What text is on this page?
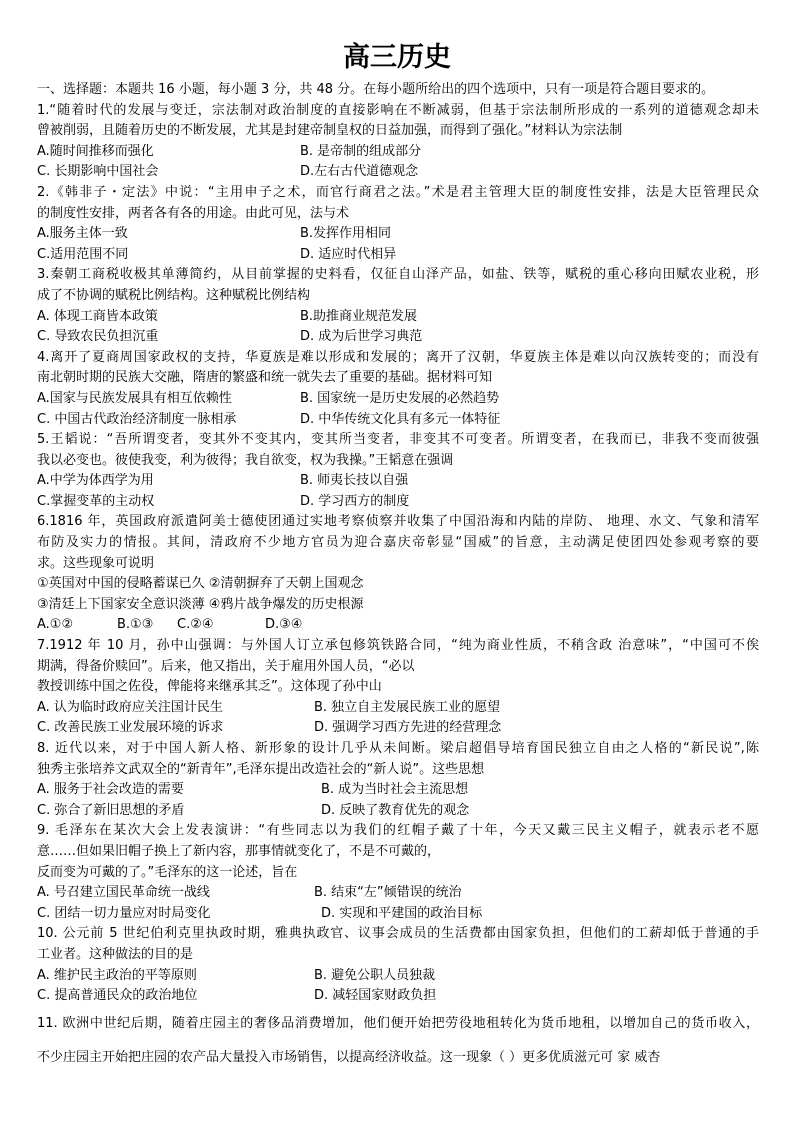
高三历史
一、选择题：本题共 16 小题，每小题 3 分，共 48 分。在每小题所给出的四个选项中，只有一项是符合题目要求的。
1.“随着时代的发展与变迁，宗法制对政治制度的直接影响在不断减弱，但基于宗法制所形成的一系列的道德观念却未
曾被削弱，且随着历史的不断发展，尤其是封建帝制皇权的日益加强，而得到了强化。”材料认为宗法制
A.随时间推移而强化	B. 是帝制的组成部分
C. 长期影响中国社会	D.左右古代道德观念
2.《韩非子・定法》中说：“主用申子之术，而官行商君之法。”术是君主管理大臣的制度性安排，法是大臣管理民众
的制度性安排，两者各有各的用途。由此可见，法与术
A.服务主体一致	B.发挥作用相同
C.适用范围不同	D. 适应时代相异
3.秦朝工商税收极其单薄简约，从目前掌握的史料看，仅征自山泽产品，如盐、铁等，赋税的重心移向田赋农业税，形
成了不协调的赋税比例结构。这种赋税比例结构
A. 体现工商皆本政策	B.助推商业规范发展
C. 导致农民负担沉重	D. 成为后世学习典范
4.离开了夏商周国家政权的支持，华夏族是难以形成和发展的；离开了汉朝，华夏族主体是难以向汉族转变的；而没有
南北朝时期的民族大交融，隋唐的繁盛和统一就失去了重要的基础。据材料可知
A.国家与民族发展具有相互依赖性	B. 国家统一是历史发展的必然趋势
C. 中国古代政治经济制度一脉相承	D. 中华传统文化具有多元一体特征
5.王韬说：“吾所谓变者，变其外不变其内，变其所当变者，非变其不可变者。所谓变者，在我而已，非我不变而彼强
我以必变也。彼使我变，利为彼得；我自欲变，权为我操。”王韬意在强调
A.中学为体西学为用	B. 师夷长技以自强
C.掌握变革的主动权	D. 学习西方的制度
6.1816 年，英国政府派遣阿美士德使团通过实地考察侦察并收集了中国沿海和内陆的岸防、 地理、水文、气象和清军
布防及实力的情报。其间，清政府不少地方官员为迎合嘉庆帝彰显“国威”的旨意，主动满足使团四处参观考察的要
求。这些现象可说明
①英国对中国的侵略蓄谋已久 ②清朝摒弃了天朝上国观念
③清廷上下国家安全意识淡薄 ④鸦片战争爆发的历史根源
A.①②	B.①③	C.②④	D.③④
7.1912 年 10 月，孙中山强调：与外国人订立承包修筑铁路合同，“纯为商业性质，不稍含政 治意味”，“中国可不俟
期满，得备价赎回”。后来，他又指出，关于雇用外国人员，“必以
教授训练中国之佐役，俾能将来继承其乏”。这体现了孙中山
A. 认为临时政府应关注国计民生	B. 独立自主发展民族工业的愿望
C. 改善民族工业发展环境的诉求	D. 强调学习西方先进的经营理念
8. 近代以来，对于中国人新人格、新形象的设计几乎从未间断。梁启超倡导培育国民独立自由之人格的“新民说”,陈
独秀主张培养文武双全的“新青年”,毛泽东提出改造社会的“新人说”。这些思想
A. 服务于社会改造的需要	B. 成为当时社会主流思想
C. 弥合了新旧思想的矛盾	D. 反映了教育优先的观念
9. 毛泽东在某次大会上发表演讲：“有些同志以为我们的红帽子戴了十年，今天又戴三民主义帽子，就表示老不愿
意……但如果旧帽子换上了新内容，那事情就变化了，不是不可戴的，
反而变为可戴的了。”毛泽东的这一论述，旨在
A. 号召建立国民革命统一战线	B. 结束“左”倾错误的统治
C. 团结一切力量应对时局变化	D. 实现和平建国的政治目标
10. 公元前 5 世纪伯利克里执政时期，雅典执政官、议事会成员的生活费都由国家负担，但他们的工薪却低于普通的手
工业者。这种做法的目的是
A. 维护民主政治的平等原则	B. 避免公职人员独裁
C. 提高普通民众的政治地位	D. 减轻国家财政负担
11. 欧洲中世纪后期，随着庄园主的奢侈品消费增加，他们便开始把劳役地租转化为货币地租，以增加自己的货币收入，
不少庄园主开始把庄园的农产品大量投入市场销售，以提高经济收益。这一现象（ ）更多优质滋元可 家 威杏
